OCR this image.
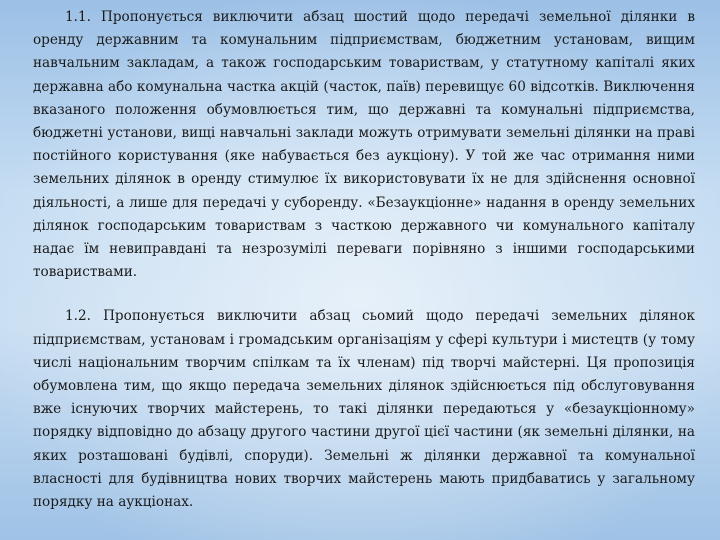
1.1. Пропонується виключити абзац шостий щодо передачі земельної ділянки в оренду державним та комунальним підприємствам, бюджетним установам, вищим навчальним закладам, а також господарським товариствам, у статутному капіталі яких державна або комунальна частка акцій (часток, паїв) перевищує 60 відсотків. Виключення вказаного положення обумовлюється тим, що державні та комунальні підприємства, бюджетні установи, вищі навчальні заклади можуть отримувати земельні ділянки на праві постійного користування (яке набувається без аукціону). У той же час отримання ними земельних ділянок в оренду стимулює їх використовувати їх не для здійснення основної діяльності, а лише для передачі у суборенду. «Безаукціонне» надання в оренду земельних ділянок господарським товариствам з часткою державного чи комунального капіталу надає їм невиправдані та незрозумілі переваги порівняно з іншими господарськими товариствами.

1.2. Пропонується виключити абзац сьомий щодо передачі земельних ділянок підприємствам, установам і громадським організаціям у сфері культури і мистецтв (у тому числі національним творчим спілкам та їх членам) під творчі майстерні. Ця пропозиція обумовлена тим, що якщо передача земельних ділянок здійснюється під обслуговування вже існуючих творчих майстерень, то такі ділянки передаються у «безаукціонному» порядку відповідно до абзацу другого частини другої цієї частини (як земельні ділянки, на яких розташовані будівлі, споруди). Земельні ж ділянки державної та комунальної власності для будівництва нових творчих майстерень мають придбаватись у загальному порядку на аукціонах.
